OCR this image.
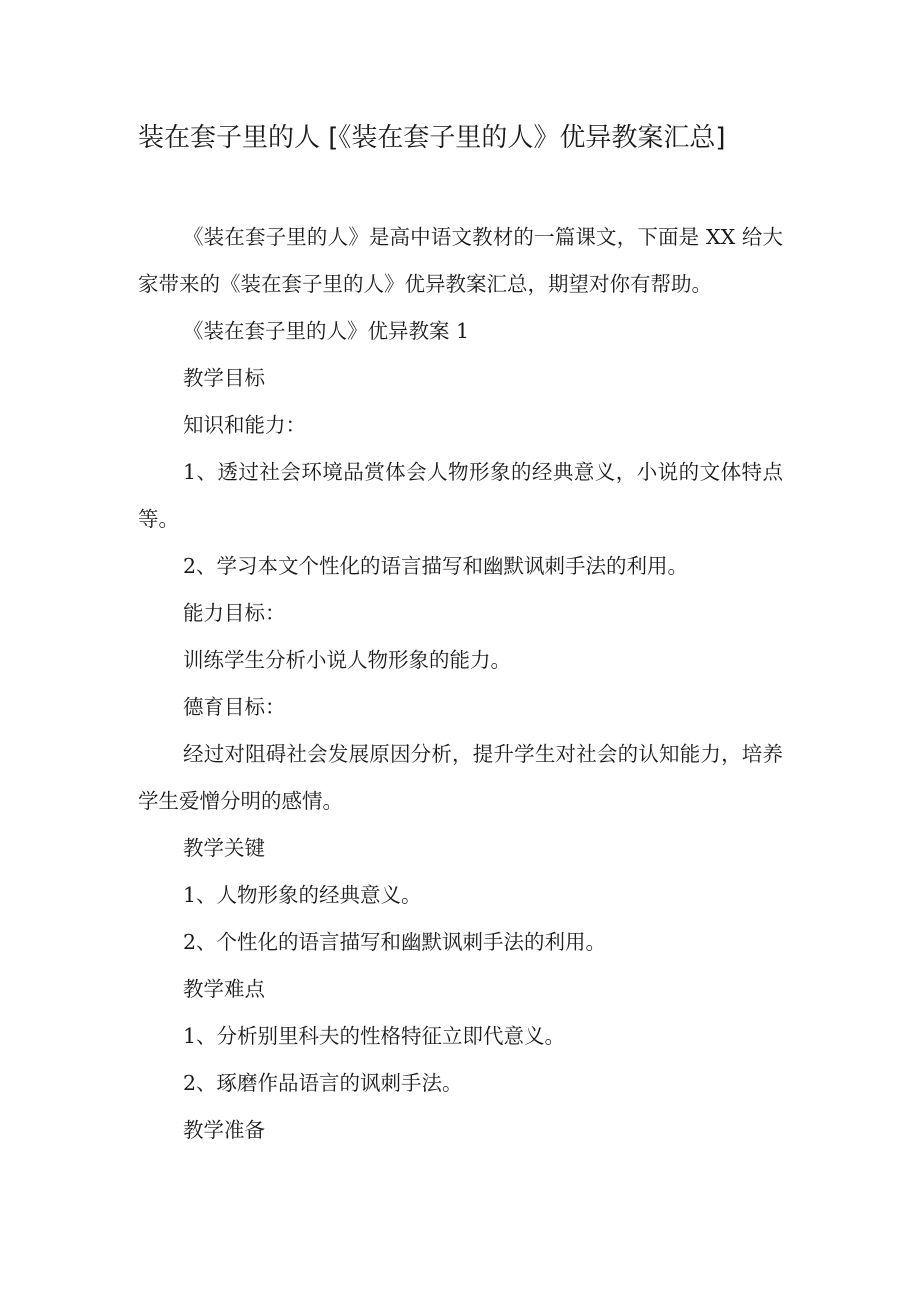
装在套子里的人 [《装在套子里的人》优异教案汇总]

《装在套子里的人》是高中语文教材的一篇课文，下面是 XX 给大家带来的《装在套子里的人》优异教案汇总，期望对你有帮助。

《装在套子里的人》优异教案 1

教学目标

知识和能力：

1、透过社会环境品赏体会人物形象的经典意义，小说的文体特点等。

2、学习本文个性化的语言描写和幽默讽刺手法的利用。

能力目标：

训练学生分析小说人物形象的能力。

德育目标：

经过对阻碍社会发展原因分析，提升学生对社会的认知能力，培养学生爱憎分明的感情。

教学关键

1、人物形象的经典意义。

2、个性化的语言描写和幽默讽刺手法的利用。

教学难点

1、分析别里科夫的性格特征立即代意义。

2、琢磨作品语言的讽刺手法。

教学准备
